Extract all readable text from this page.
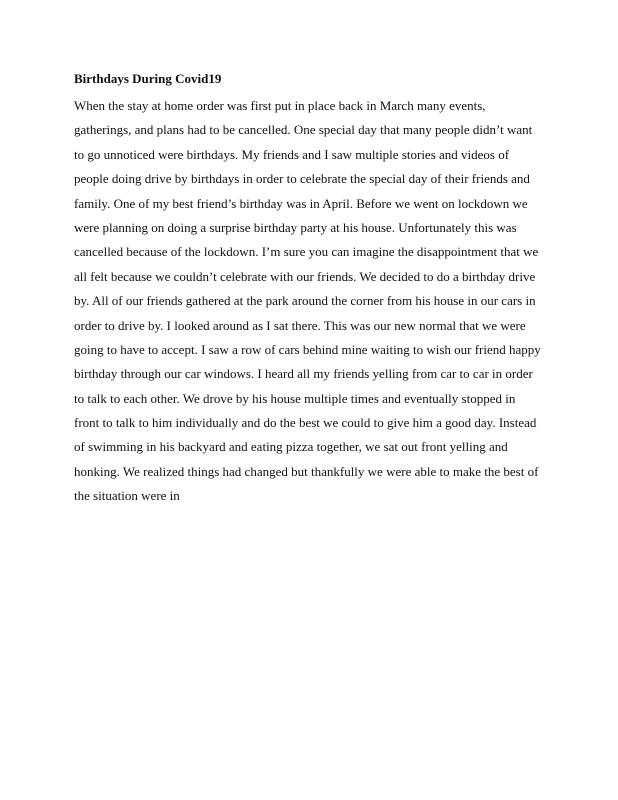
Birthdays During Covid19
When the stay at home order was first put in place back in March many events,
gatherings, and plans had to be cancelled. One special day that many people didn’t want
to go unnoticed were birthdays. My friends and I saw multiple stories and videos of
people doing drive by birthdays in order to celebrate the special day of their friends and
family. One of my best friend’s birthday was in April. Before we went on lockdown we
were planning on doing a surprise birthday party at his house. Unfortunately this was
cancelled because of the lockdown. I’m sure you can imagine the disappointment that we
all felt because we couldn’t celebrate with our friends. We decided to do a birthday drive
by. All of our friends gathered at the park around the corner from his house in our cars in
order to drive by. I looked around as I sat there. This was our new normal that we were
going to have to accept. I saw a row of cars behind mine waiting to wish our friend happy
birthday through our car windows. I heard all my friends yelling from car to car in order
to talk to each other. We drove by his house multiple times and eventually stopped in
front to talk to him individually and do the best we could to give him a good day. Instead
of swimming in his backyard and eating pizza together, we sat out front yelling and
honking. We realized things had changed but thankfully we were able to make the best of
the situation were in
